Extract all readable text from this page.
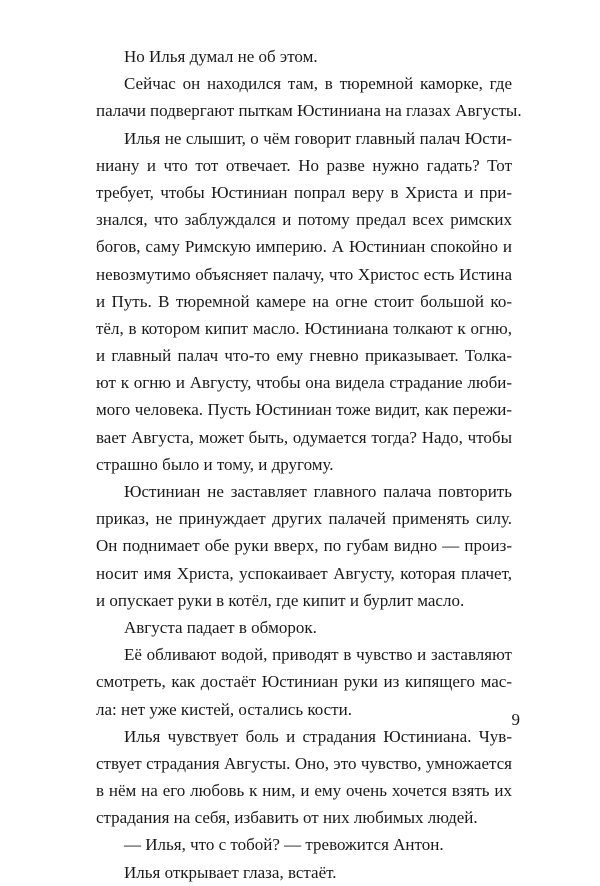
Но Илья думал не об этом.
Сейчас он находился там, в тюремной каморке, где
палачи подвергают пыткам Юстиниана на глазах Августы.
Илья не слышит, о чём говорит главный палач Юсти-
ниану и что тот отвечает. Но разве нужно гадать? Тот
требует, чтобы Юстиниан попрал веру в Христа и при-
знался, что заблуждался и потому предал всех римских
богов, саму Римскую империю. А Юстиниан спокойно и
невозмутимо объясняет палачу, что Христос есть Истина
и Путь. В тюремной камере на огне стоит большой ко-
тёл, в котором кипит масло. Юстиниана толкают к огню,
и главный палач что-то ему гневно приказывает. Толка-
ют к огню и Августу, чтобы она видела страдание люби-
мого человека. Пусть Юстиниан тоже видит, как пережи-
вает Августа, может быть, одумается тогда? Надо, чтобы
страшно было и тому, и другому.
Юстиниан не заставляет главного палача повторить
приказ, не принуждает других палачей применять силу.
Он поднимает обе руки вверх, по губам видно — произ-
носит имя Христа, успокаивает Августу, которая плачет,
и опускает руки в котёл, где кипит и бурлит масло.
Августа падает в обморок.
Её обливают водой, приводят в чувство и заставляют
смотреть, как достаёт Юстиниан руки из кипящего мас-
ла: нет уже кистей, остались кости.
Илья чувствует боль и страдания Юстиниана. Чув-
ствует страдания Августы. Оно, это чувство, умножается
в нём на его любовь к ним, и ему очень хочется взять их
страдания на себя, избавить от них любимых людей.
— Илья, что с тобой? — тревожится Антон.
Илья открывает глаза, встаёт.
9
